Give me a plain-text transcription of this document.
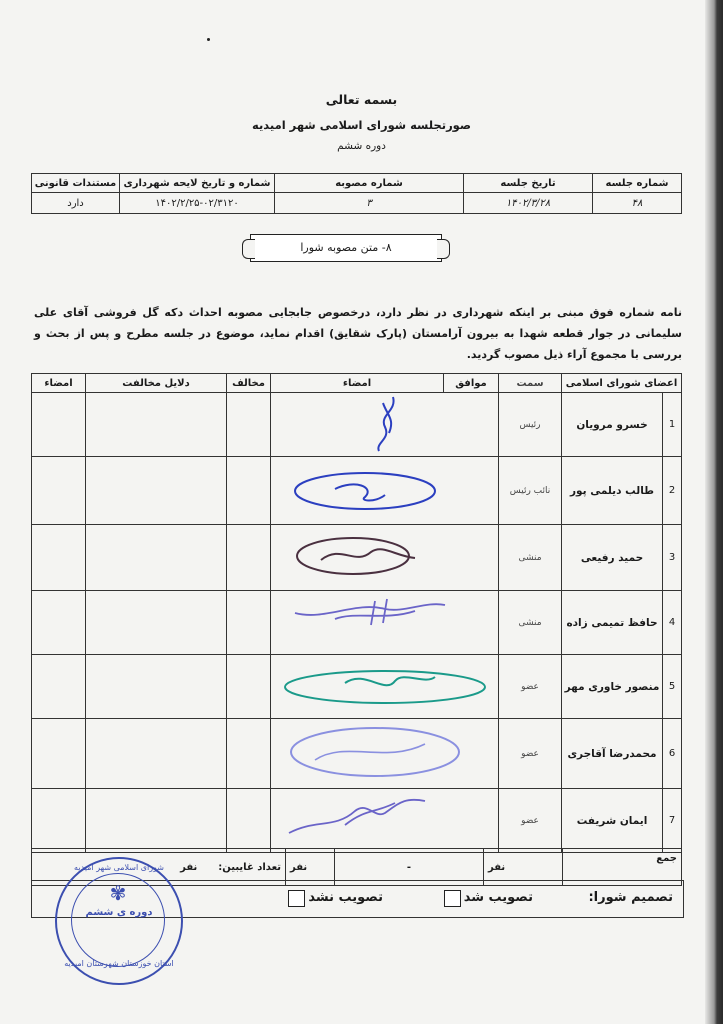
بسمه تعالی
صورتجلسه شورای اسلامی شهر امیدیه
دوره ششم
شماره جلسه	تاریخ جلسه	شماره مصوبه	شماره و تاریخ لایحه شهرداری	مستندات قانونی
۴۸	۱۴۰۲/۳/۲۸	۳	۱۴۰۲/۲/۲۵-۰۲/۳۱۲۰	دارد
۸- متن مصوبه شورا
نامه شماره فوق مبنی بر اینکه شهرداری در نظر دارد، درخصوص جابجایی مصوبه احداث دکه گل فروشی آقای علی سلیمانی در جوار قطعه شهدا به بیرون آرامستان (پارک شقایق) اقدام نماید، موضوع در جلسه مطرح و پس از بحث و بررسی با مجموع آراء ذیل مصوب گردید.
اعضای شورای اسلامی		سمت	موافق	امضاء	مخالف	دلایل مخالفت	امضاء
1	خسرو مرویان	رئیس				
2	طالب دیلمی پور	نائب رئیس				
3	حمید رفیعی	منشی				
4	حافظ تمیمی زاده	منشی				
5	منصور خاوری مهر	عضو				
6	محمدرضا آقاجری	عضو				
7	ایمان شریفت	عضو				
جمع	نفر	-	نفر	تعداد غایبین:  نفر
تصمیم شورا:
تصویب شد
تصویب نشد
شورای اسلامی شهر امیدیه
✾
دوره ی ششم
استان خوزستان شهرستان امیدیه
